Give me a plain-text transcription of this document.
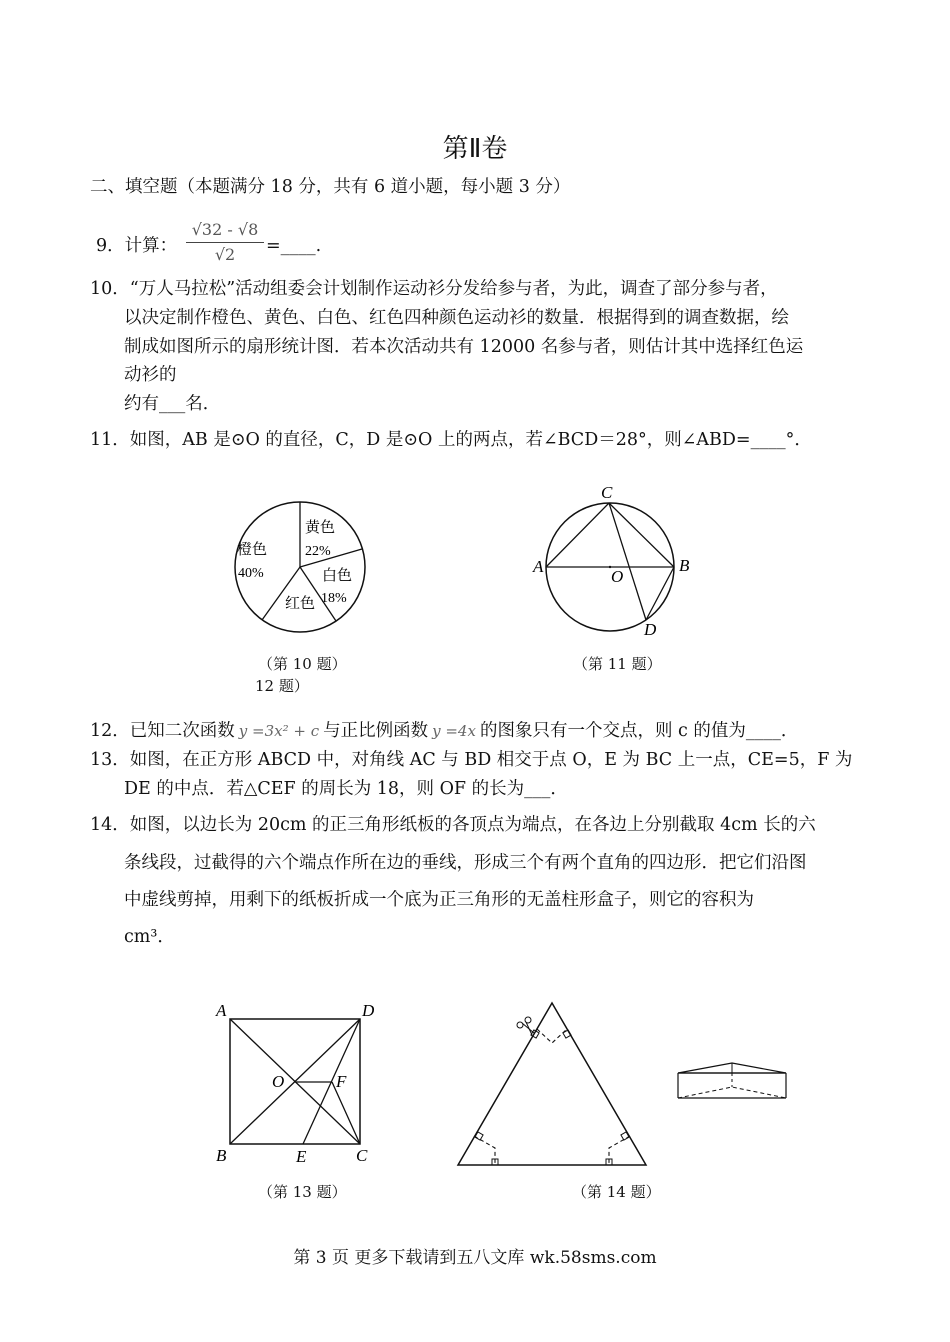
第Ⅱ卷
二、填空题（本题满分 18 分，共有 6 道小题，每小题 3 分）
9．计算：
√32 - √8
√2	=____.
10．“万人马拉松”活动组委会计划制作运动衫分发给参与者，为此，调查了部分参与者，
以决定制作橙色、黄色、白色、红色四种颜色运动衫的数量．根据得到的调查数据，绘
制成如图所示的扇形统计图．若本次活动共有 12000 名参与者，则估计其中选择红色运
动衫的
约有___名．
11．如图，AB 是⊙O 的直径，C，D 是⊙O 上的两点，若∠BCD＝28°，则∠ABD=____°．
黄色
22%
橙色
40%	白色
18%
红色
（第 10 题）
12 题）
C
A
O
B
D
（第 11 题）
12．已知二次函数 y =3x² + c 与正比例函数 y =4x 的图象只有一个交点，则 c 的值为____．
13．如图，在正方形 ABCD 中，对角线 AC 与 BD 相交于点 O，E 为 BC 上一点，CE=5，F 为
DE 的中点．若△CEF 的周长为 18，则 OF 的长为___．
14．如图，以边长为 20cm 的正三角形纸板的各顶点为端点，在各边上分别截取 4cm 长的六
条线段，过截得的六个端点作所在边的垂线，形成三个有两个直角的四边形．把它们沿图
中虚线剪掉，用剩下的纸板折成一个底为正三角形的无盖柱形盒子，则它的容积为
cm³．
A	D
O	F
B	E	C
（第 13 题）	（第 14 题）
第 3 页 更多下载请到五八文库 wk.58sms.com
